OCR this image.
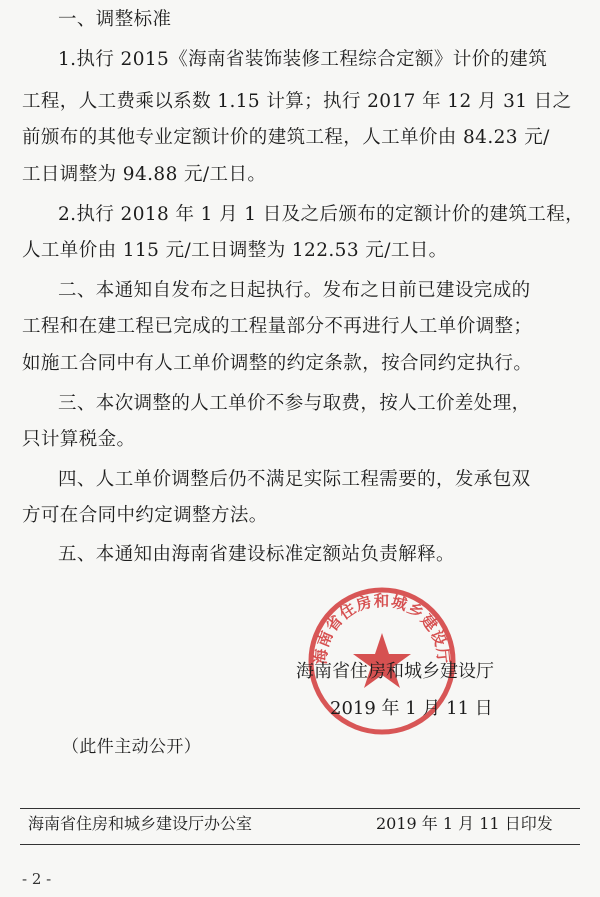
一、调整标准
1.执行 2015《海南省装饰装修工程综合定额》计价的建筑
工程，人工费乘以系数 1.15 计算；执行 2017 年 12 月 31 日之
前颁布的其他专业定额计价的建筑工程，人工单价由 84.23 元/
工日调整为 94.88 元/工日。
2.执行 2018 年 1 月 1 日及之后颁布的定额计价的建筑工程，
人工单价由 115 元/工日调整为 122.53 元/工日。
二、本通知自发布之日起执行。发布之日前已建设完成的
工程和在建工程已完成的工程量部分不再进行人工单价调整；
如施工合同中有人工单价调整的约定条款，按合同约定执行。
三、本次调整的人工单价不参与取费，按人工价差处理，
只计算税金。
四、人工单价调整后仍不满足实际工程需要的，发承包双
方可在合同中约定调整方法。
五、本通知由海南省建设标准定额站负责解释。
海南省住房和城乡建设厅
海南省住房和城乡建设厅
2019 年 1 月 11 日
（此件主动公开）
海南省住房和城乡建设厅办公室	2019 年 1 月 11 日印发
- 2 -
